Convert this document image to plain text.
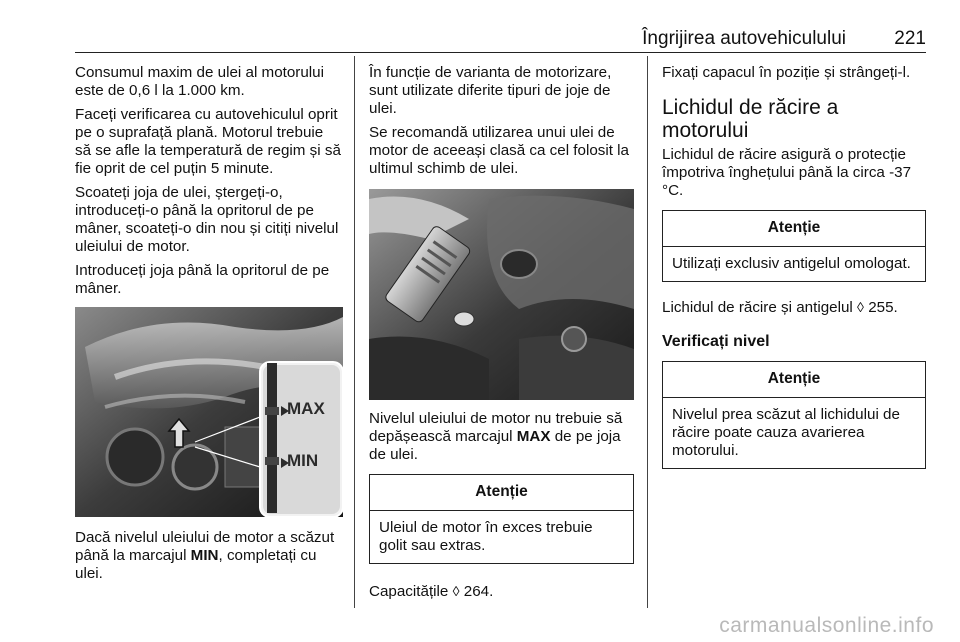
Îngrijirea autovehiculului	221

Consumul maxim de ulei al motorului este de 0,6 l la 1.000 km.

Faceți verificarea cu autovehiculul oprit pe o suprafață plană. Motorul trebuie să se afle la temperatură de regim și să fie oprit de cel puțin 5 minute.

Scoateți joja de ulei, ștergeți-o, introduceți-o până la opritorul de pe mâner, scoateți-o din nou și citiți nivelul uleiului de motor.

Introduceți joja până la opritorul de pe mâner.

MAX
MIN

Dacă nivelul uleiului de motor a scăzut până la marcajul MIN, completați cu ulei.

În funcție de varianta de motorizare, sunt utilizate diferite tipuri de joje de ulei.

Se recomandă utilizarea unui ulei de motor de aceeași clasă ca cel folosit la ultimul schimb de ulei.

Nivelul uleiului de motor nu trebuie să depășească marcajul MAX de pe joja de ulei.

Atenție
Uleiul de motor în exces trebuie golit sau extras.

Capacitățile ◊ 264.

Fixați capacul în poziție și strângeți-l.

Lichidul de răcire a motorului

Lichidul de răcire asigură o protecție împotriva înghețului până la circa -37 °C.

Atenție
Utilizați exclusiv antigelul omologat.

Lichidul de răcire și antigelul ◊ 255.

Verificați nivel
Atenție
Nivelul prea scăzut al lichidului de răcire poate cauza avarierea motorului.
carmanualsonline.info
